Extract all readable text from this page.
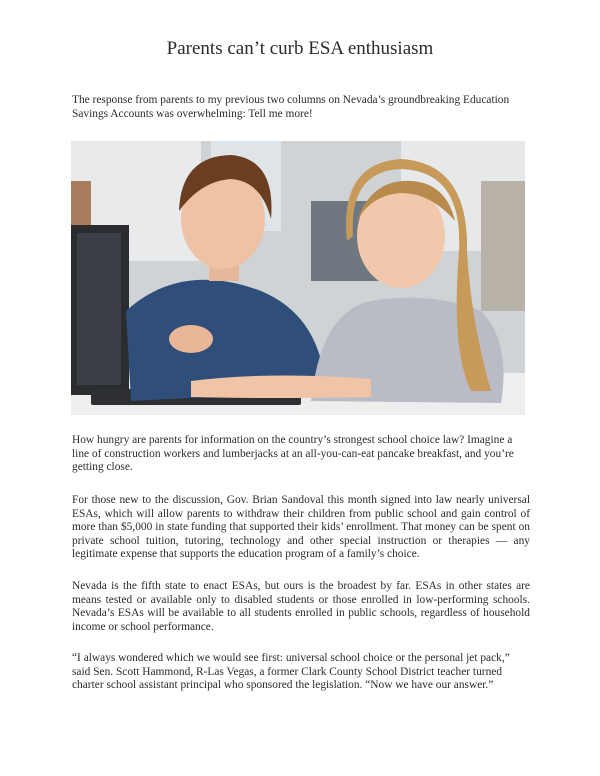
Parents can’t curb ESA enthusiasm

The response from parents to my previous two columns on Nevada’s groundbreaking Education Savings Accounts was overwhelming: Tell me more!

How hungry are parents for information on the country’s strongest school choice law? Imagine a line of construction workers and lumberjacks at an all-you-can-eat pancake breakfast, and you’re getting close.

For those new to the discussion, Gov. Brian Sandoval this month signed into law nearly universal ESAs, which will allow parents to withdraw their children from public school and gain control of more than $5,000 in state funding that supported their kids’ enrollment. That money can be spent on private school tuition, tutoring, technology and other special instruction or therapies — any legitimate expense that supports the education program of a family’s choice.

Nevada is the fifth state to enact ESAs, but ours is the broadest by far. ESAs in other states are means tested or available only to disabled students or those enrolled in low-performing schools. Nevada’s ESAs will be available to all students enrolled in public schools, regardless of household income or school performance.

“I always wondered which we would see first: universal school choice or the personal jet pack,” said Sen. Scott Hammond, R-Las Vegas, a former Clark County School District teacher turned charter school assistant principal who sponsored the legislation. “Now we have our answer.”
